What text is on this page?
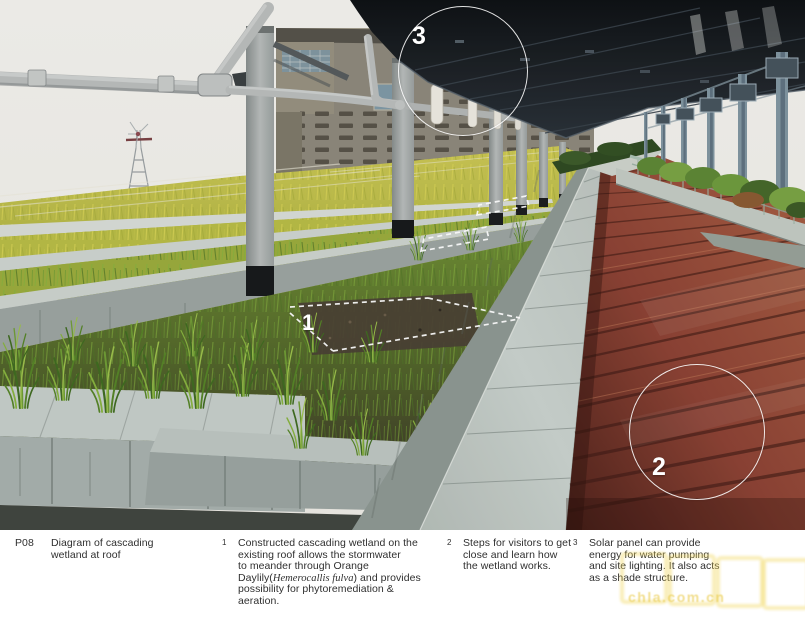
3
1
2
P08 Diagram of cascading
wetland at roof
1 Constructed cascading wetland on the
existing roof allows the stormwater
to meander through Orange
Daylily(Hemerocallis fulva) and provides
possibility for phytoremediation &
aeration.
2 Steps for visitors to get
close and learn how
the wetland works.
3 Solar panel can provide
energy for water pumping
and site lighting. It also acts
as a shade structure.
chla.com.cn
